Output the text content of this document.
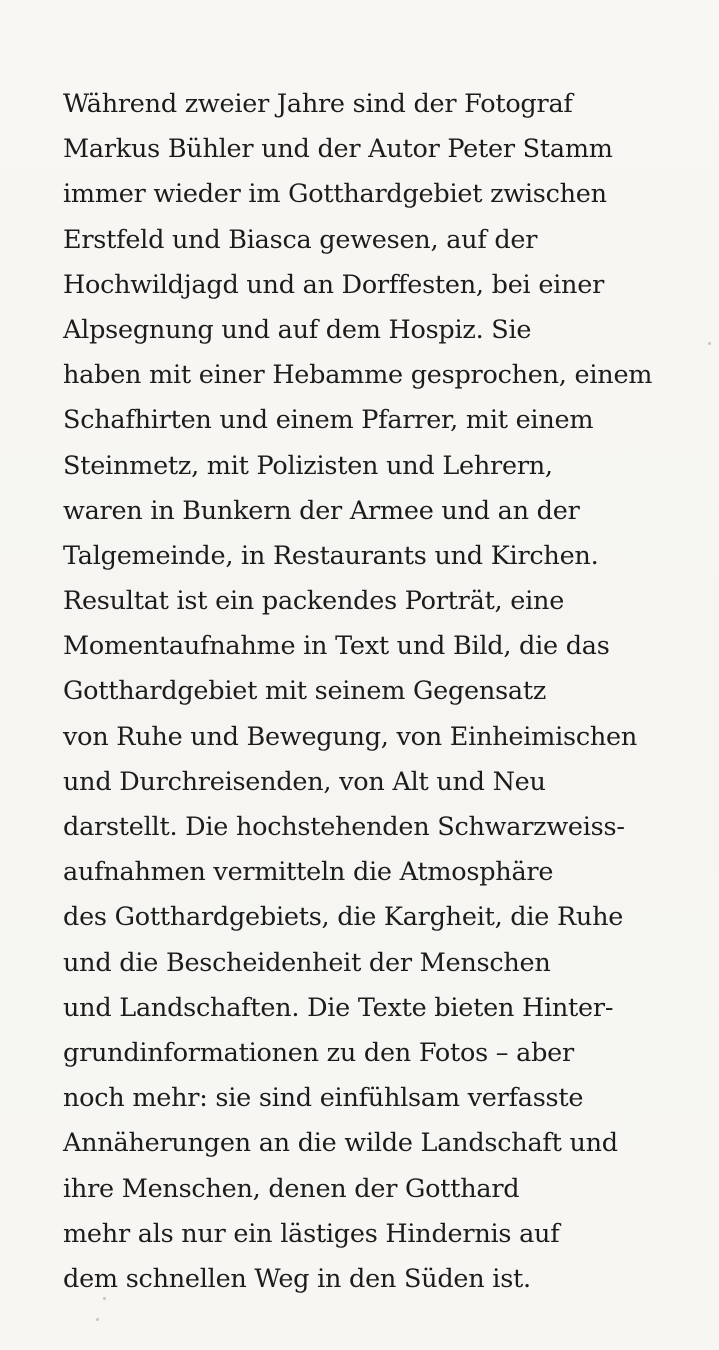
Während zweier Jahre sind der Fotograf
Markus Bühler und der Autor Peter Stamm
immer wieder im Gotthardgebiet zwischen
Erstfeld und Biasca gewesen, auf der
Hochwildjagd und an Dorffesten, bei einer
Alpsegnung und auf dem Hospiz. Sie
haben mit einer Hebamme gesprochen, einem
Schafhirten und einem Pfarrer, mit einem
Steinmetz, mit Polizisten und Lehrern,
waren in Bunkern der Armee und an der
Talgemeinde, in Restaurants und Kirchen.
Resultat ist ein packendes Porträt, eine
Momentaufnahme in Text und Bild, die das
Gotthardgebiet mit seinem Gegensatz
von Ruhe und Bewegung, von Einheimischen
und Durchreisenden, von Alt und Neu
darstellt. Die hochstehenden Schwarzweiss-
aufnahmen vermitteln die Atmosphäre
des Gotthardgebiets, die Kargheit, die Ruhe
und die Bescheidenheit der Menschen
und Landschaften. Die Texte bieten Hinter-
grundinformationen zu den Fotos – aber
noch mehr: sie sind einfühlsam verfasste
Annäherungen an die wilde Landschaft und
ihre Menschen, denen der Gotthard
mehr als nur ein lästiges Hindernis auf
dem schnellen Weg in den Süden ist.
